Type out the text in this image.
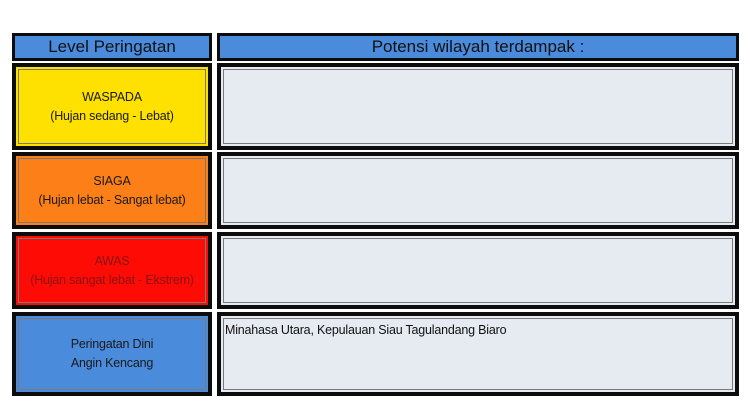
Level Peringatan	Potensi wilayah terdampak :
WASPADA
(Hujan sedang - Lebat)
SIAGA
(Hujan lebat - Sangat lebat)
AWAS
(Hujan sangat lebat - Ekstrem)
Peringatan Dini
Angin Kencang
Minahasa Utara, Kepulauan Siau Tagulandang Biaro
